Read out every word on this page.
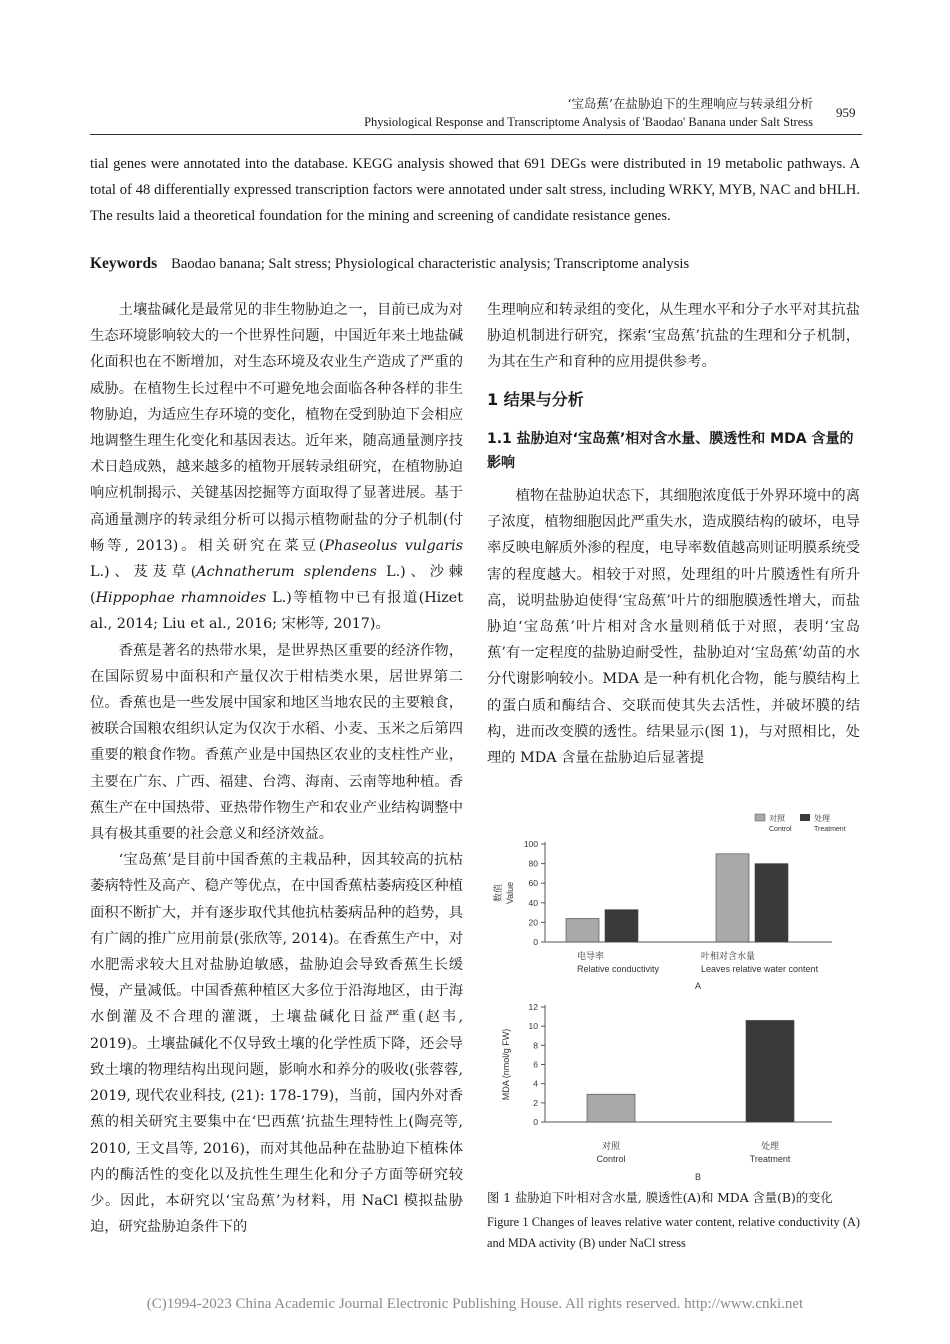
‘宝岛蕉’在盐胁迫下的生理响应与转录组分析
Physiological Response and Transcriptome Analysis of 'Baodao' Banana under Salt Stress
959
tial genes were annotated into the database. KEGG analysis showed that 691 DEGs were distributed in 19 metabolic pathways. A total of 48 differentially expressed transcription factors were annotated under salt stress, including WRKY, MYB, NAC and bHLH. The results laid a theoretical foundation for the mining and screening of candidate resistance genes.
Keywords Baodao banana; Salt stress; Physiological characteristic analysis; Transcriptome analysis

土壤盐碱化是最常见的非生物胁迫之一，目前已成为对生态环境影响较大的一个世界性问题，中国近年来土地盐碱化面积也在不断增加，对生态环境及农业生产造成了严重的威胁。在植物生长过程中不可避免地会面临各种各样的非生物胁迫，为适应生存环境的变化，植物在受到胁迫下会相应地调整生理生化变化和基因表达。近年来，随高通量测序技术日趋成熟，越来越多的植物开展转录组研究，在植物胁迫响应机制揭示、关键基因挖掘等方面取得了显著进展。基于高通量测序的转录组分析可以揭示植物耐盐的分子机制(付畅等, 2013)。相关研究在菜豆(Phaseolus vulgaris L.)、芨芨草(Achnatherum splendens L.)、沙棘(Hippophae rhamnoides L.)等植物中已有报道(Hizet al., 2014; Liu et al., 2016; 宋彬等, 2017)。

香蕉是著名的热带水果，是世界热区重要的经济作物，在国际贸易中面积和产量仅次于柑桔类水果，居世界第二位。香蕉也是一些发展中国家和地区当地农民的主要粮食，被联合国粮农组织认定为仅次于水稻、小麦、玉米之后第四重要的粮食作物。香蕉产业是中国热区农业的支柱性产业，主要在广东、广西、福建、台湾、海南、云南等地种植。香蕉生产在中国热带、亚热带作物生产和农业产业结构调整中具有极其重要的社会意义和经济效益。

‘宝岛蕉’是目前中国香蕉的主栽品种，因其较高的抗枯萎病特性及高产、稳产等优点，在中国香蕉枯萎病疫区种植面积不断扩大，并有逐步取代其他抗枯萎病品种的趋势，具有广阔的推广应用前景(张欣等, 2014)。在香蕉生产中，对水肥需求较大且对盐胁迫敏感，盐胁迫会导致香蕉生长缓慢，产量减低。中国香蕉种植区大多位于沿海地区，由于海水倒灌及不合理的灌溉，土壤盐碱化日益严重(赵韦, 2019)。土壤盐碱化不仅导致土壤的化学性质下降，还会导致土壤的物理结构出现问题，影响水和养分的吸收(张蓉蓉, 2019, 现代农业科技, (21): 178-179)，当前，国内外对香蕉的相关研究主要集中在‘巴西蕉’抗盐生理特性上(陶亮等, 2010, 王文昌等, 2016)，而对其他品种在盐胁迫下植株体内的酶活性的变化以及抗性生理生化和分子方面等研究较少。因此，本研究以‘宝岛蕉’为材料，用 NaCl 模拟盐胁迫，研究盐胁迫条件下的

生理响应和转录组的变化，从生理水平和分子水平对其抗盐胁迫机制进行研究，探索‘宝岛蕉’抗盐的生理和分子机制，为其在生产和育种的应用提供参考。

1 结果与分析
1.1 盐胁迫对‘宝岛蕉’相对含水量、膜透性和 MDA 含量的影响

植物在盐胁迫状态下，其细胞浓度低于外界环境中的离子浓度，植物细胞因此严重失水，造成膜结构的破坏，电导率反映电解质外渗的程度，电导率数值越高则证明膜系统受害的程度越大。相较于对照，处理组的叶片膜透性有所升高，说明盐胁迫使得‘宝岛蕉’叶片的细胞膜透性增大，而盐胁迫‘宝岛蕉’叶片相对含水量则稍低于对照，表明‘宝岛蕉’有一定程度的盐胁迫耐受性，盐胁迫对‘宝岛蕉’幼苗的水分代谢影响较小。MDA 是一种有机化合物，能与膜结构上的蛋白质和酶结合、交联而使其失去活性，并破坏膜的结构，进而改变膜的透性。结果显示(图 1)，与对照相比，处理的 MDA 含量在盐胁迫后显著提

对照
Control
处理
Treatment
0
20
40
60
80
100
数值 Value
电导率
Relative conductivity
叶相对含水量
Leaves relative water content
A
0
2
4
6
8
10
12
MDA (nmol/g FW)
对照
Control
处理
Treatment
B
图 1 盐胁迫下叶相对含水量, 膜透性(A)和 MDA 含量(B)的变化
Figure 1 Changes of leaves relative water content, relative conductivity (A) and MDA activity (B) under NaCl stress
(C)1994-2023 China Academic Journal Electronic Publishing House. All rights reserved. http://www.cnki.net
